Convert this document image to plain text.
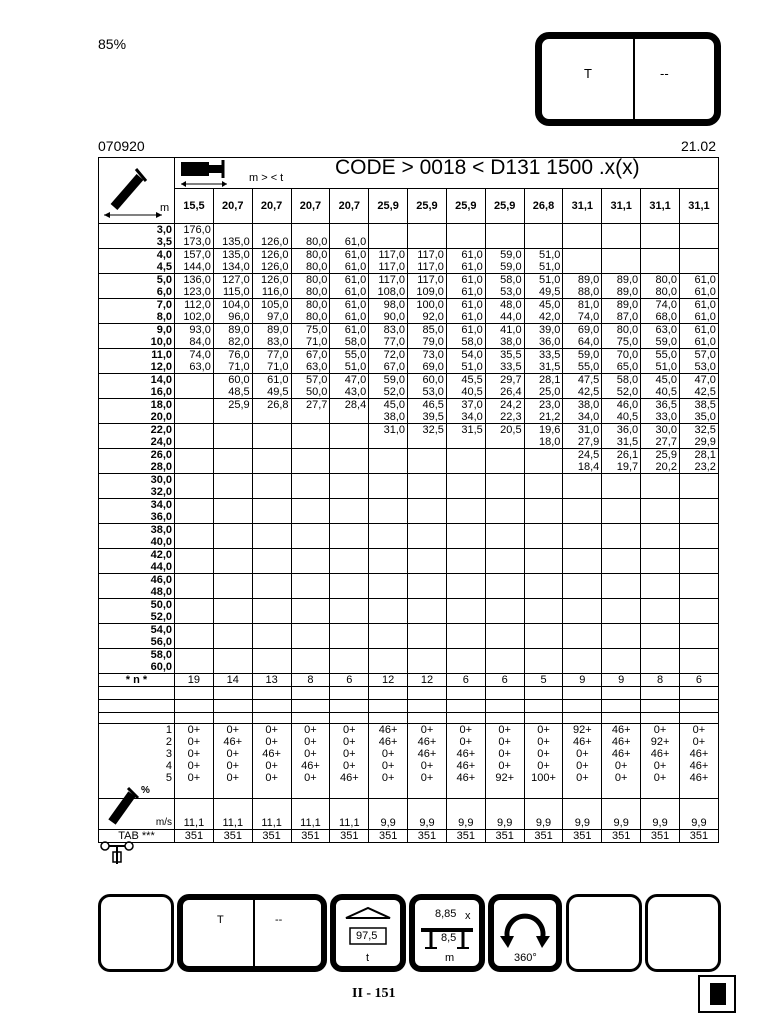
85%
T	--
070920	21.02

m > < t CODE > 0018 < D131 1500 .x(x)													

	15,5	20,7	20,7	20,7	20,7	25,9	25,9	25,9	25,9	26,8	31,1	31,1	31,1	31,1
3,0	176,0													
3,5	173,0	135,0	126,0	80,0	61,0									
4,0	157,0	135,0	126,0	80,0	61,0	117,0	117,0	61,0	59,0	51,0				
4,5	144,0	134,0	126,0	80,0	61,0	117,0	117,0	61,0	59,0	51,0				
5,0	136,0	127,0	126,0	80,0	61,0	117,0	117,0	61,0	58,0	51,0	89,0	89,0	80,0	61,0
6,0	123,0	115,0	116,0	80,0	61,0	108,0	109,0	61,0	53,0	49,5	88,0	89,0	80,0	61,0
7,0	112,0	104,0	105,0	80,0	61,0	98,0	100,0	61,0	48,0	45,0	81,0	89,0	74,0	61,0
8,0	102,0	96,0	97,0	80,0	61,0	90,0	92,0	61,0	44,0	42,0	74,0	87,0	68,0	61,0
9,0	93,0	89,0	89,0	75,0	61,0	83,0	85,0	61,0	41,0	39,0	69,0	80,0	63,0	61,0
10,0	84,0	82,0	83,0	71,0	58,0	77,0	79,0	58,0	38,0	36,0	64,0	75,0	59,0	61,0
11,0	74,0	76,0	77,0	67,0	55,0	72,0	73,0	54,0	35,5	33,5	59,0	70,0	55,0	57,0
12,0	63,0	71,0	71,0	63,0	51,0	67,0	69,0	51,0	33,5	31,5	55,0	65,0	51,0	53,0
14,0		60,0	61,0	57,0	47,0	59,0	60,0	45,5	29,7	28,1	47,5	58,0	45,0	47,0
16,0		48,5	49,5	50,0	43,0	52,0	53,0	40,5	26,4	25,0	42,5	52,0	40,5	42,5
18,0		25,9	26,8	27,7	28,4	45,0	46,5	37,0	24,2	23,0	38,0	46,0	36,5	38,5
20,0						38,0	39,5	34,0	22,3	21,2	34,0	40,5	33,0	35,0
22,0						31,0	32,5	31,5	20,5	19,6	31,0	36,0	30,0	32,5
24,0										18,0	27,9	31,5	27,7	29,9
26,0											24,5	26,1	25,9	28,1
28,0											18,4	19,7	20,2	23,2
30,0														
32,0														
34,0														
36,0														
38,0														
40,0														
42,0														
44,0														
46,0														
48,0														
50,0														
52,0														
54,0														
56,0														
58,0														
60,0														
* n *	19	14	13	8	6	12	12	6	6	5	9	9	8	6

1	0+	0+	0+	0+	0+	46+	0+	0+	0+	0+	92+	46+	0+	0+
2	0+	46+	0+	0+	0+	46+	46+	0+	0+	0+	46+	46+	92+	0+
3	0+	0+	46+	0+	0+	0+	46+	46+	0+	0+	0+	46+	46+	46+
4	0+	0+	0+	46+	0+	0+	0+	46+	0+	0+	0+	0+	0+	46+
5	0+	0+	0+	0+	46+	0+	0+	46+	92+	100+	0+	0+	0+	46+
%														
m/s	11,1	11,1	11,1	11,1	11,1	9,9	9,9	9,9	9,9	9,9	9,9	9,9	9,9	9,9
TAB ***	351	351	351	351	351	351	351	351	351	351	351	351	351	351
T	--
97,5
t
8,85 x
8,5
m	360°
II - 151
m
